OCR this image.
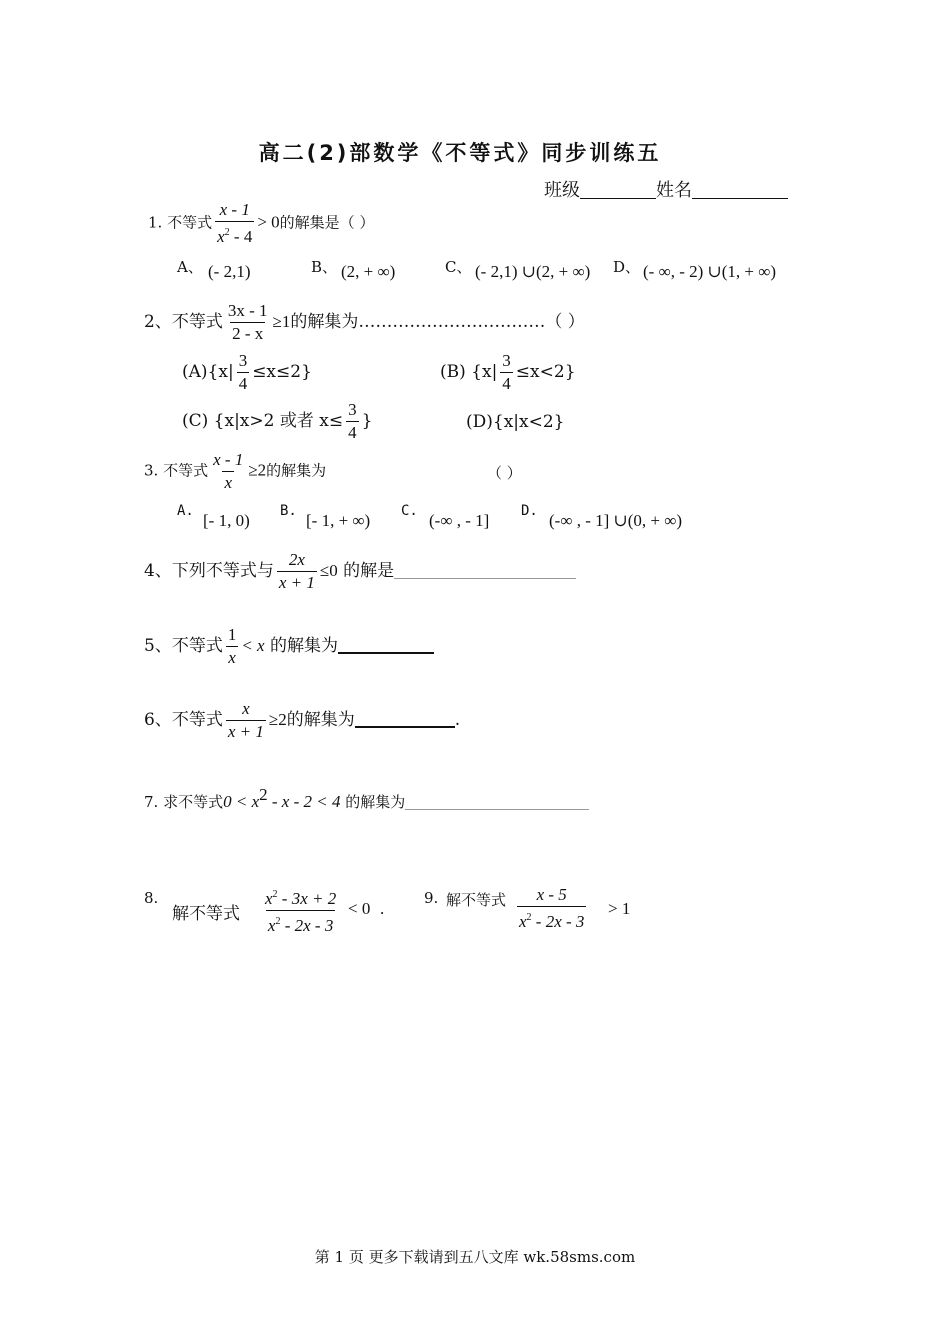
高二(2)部数学《不等式》同步训练五
班级	姓名
1. 不等式 $\frac{x - 1}{x^2 - 4} > 0$的解集是（ ）
A、 (- 2,1)	B、 (2, + ∞)	C、 (- 2,1) ∪(2, + ∞) D、 (- ∞, - 2) ∪(1, + ∞)
2、不等式 $\frac{3x - 1}{2 - x} \ge 1$的解集为……………………………（ ）
$(A)\{x| \frac{3}{4} \le x\le 2\}$	(B) $\{x| \frac{3}{4} \le x<2\}$
(C) {x|x>2 或者 $x\le \frac{3}{4}$ }	(D){x|x<2}
3. 不等式 $\frac{x - 1}{x} \ge 2$的解集为	（ ）
A. [- 1, 0) B. [- 1, + ∞) C. (-∞ , - 1] D. (-∞ , - 1] ∪(0, + ∞)
4、下列不等式与 $\frac{2x}{x + 1} \le 0$ 的解是
5、不等式 $\frac{1}{x} < x$ 的解集为
6、不等式 $\frac{x}{x + 1} \ge 2$的解集为	.
7. 求不等式$0 < x^2 - x - 2 < 4$ 的解集为
8.
解不等式 $\frac{x^2 - 3x + 2}{x^2 - 2x - 3} < 0$ .
9. 解不等式 $\frac{x - 5}{x^2 - 2x - 3} > 1$
第 1 页 更多下载请到五八文库 wk.58sms.com
